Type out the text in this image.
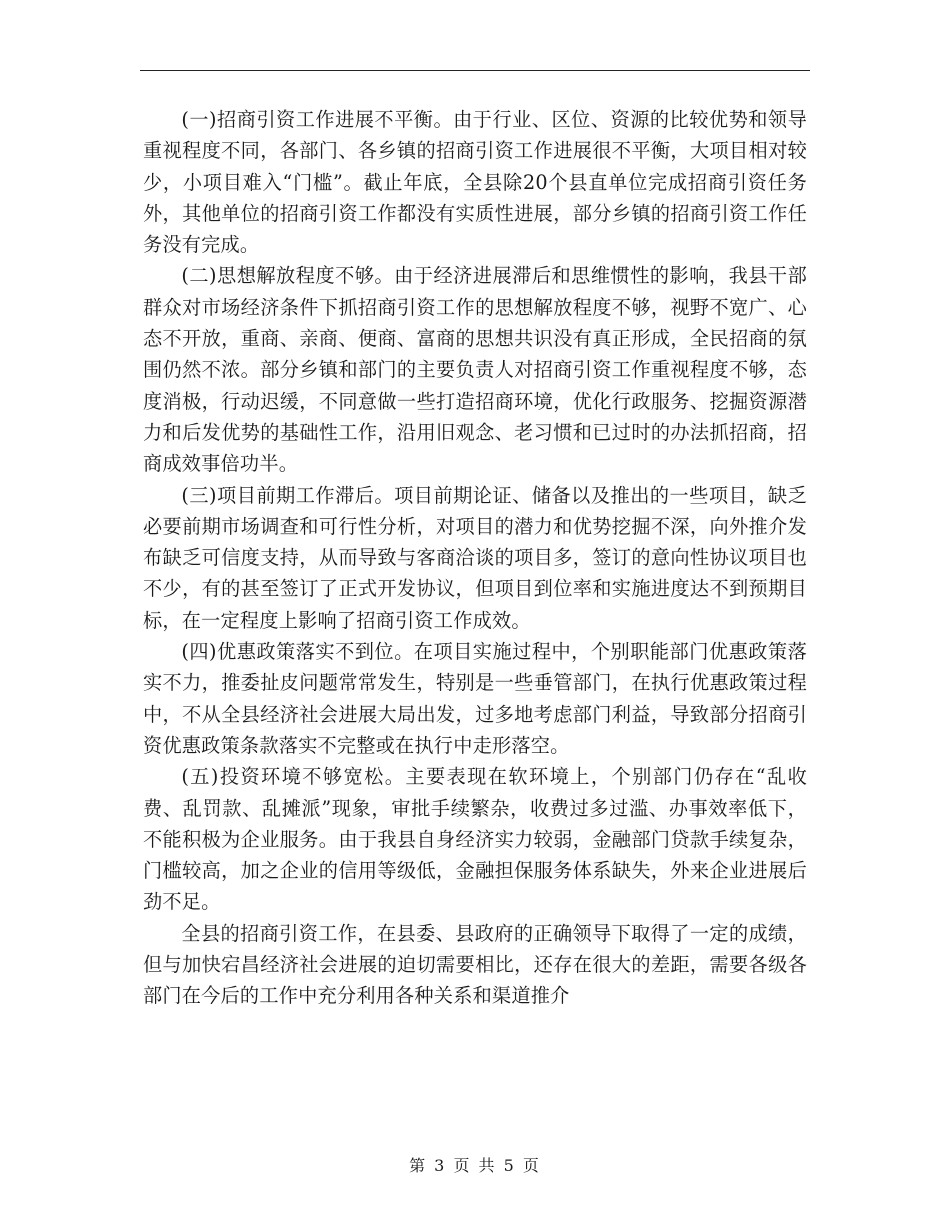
(一)招商引资工作进展不平衡。由于行业、区位、资源的比较优势和领导重视程度不同，各部门、各乡镇的招商引资工作进展很不平衡，大项目相对较少，小项目难入“门槛”。截止年底，全县除20个县直单位完成招商引资任务外，其他单位的招商引资工作都没有实质性进展，部分乡镇的招商引资工作任务没有完成。

(二)思想解放程度不够。由于经济进展滞后和思维惯性的影响，我县干部群众对市场经济条件下抓招商引资工作的思想解放程度不够，视野不宽广、心态不开放，重商、亲商、便商、富商的思想共识没有真正形成，全民招商的氛围仍然不浓。部分乡镇和部门的主要负责人对招商引资工作重视程度不够，态度消极，行动迟缓，不同意做一些打造招商环境，优化行政服务、挖掘资源潜力和后发优势的基础性工作，沿用旧观念、老习惯和已过时的办法抓招商，招商成效事倍功半。

(三)项目前期工作滞后。项目前期论证、储备以及推出的一些项目，缺乏必要前期市场调查和可行性分析，对项目的潜力和优势挖掘不深，向外推介发布缺乏可信度支持，从而导致与客商洽谈的项目多，签订的意向性协议项目也不少，有的甚至签订了正式开发协议，但项目到位率和实施进度达不到预期目标，在一定程度上影响了招商引资工作成效。

(四)优惠政策落实不到位。在项目实施过程中，个别职能部门优惠政策落实不力，推委扯皮问题常常发生，特别是一些垂管部门，在执行优惠政策过程中，不从全县经济社会进展大局出发，过多地考虑部门利益，导致部分招商引资优惠政策条款落实不完整或在执行中走形落空。

(五)投资环境不够宽松。主要表现在软环境上，个别部门仍存在“乱收费、乱罚款、乱摊派”现象，审批手续繁杂，收费过多过滥、办事效率低下，不能积极为企业服务。由于我县自身经济实力较弱，金融部门贷款手续复杂，门槛较高，加之企业的信用等级低，金融担保服务体系缺失，外来企业进展后劲不足。

全县的招商引资工作，在县委、县政府的正确领导下取得了一定的成绩，但与加快宕昌经济社会进展的迫切需要相比，还存在很大的差距，需要各级各部门在今后的工作中充分利用各种关系和渠道推介

第 3 页 共 5 页
